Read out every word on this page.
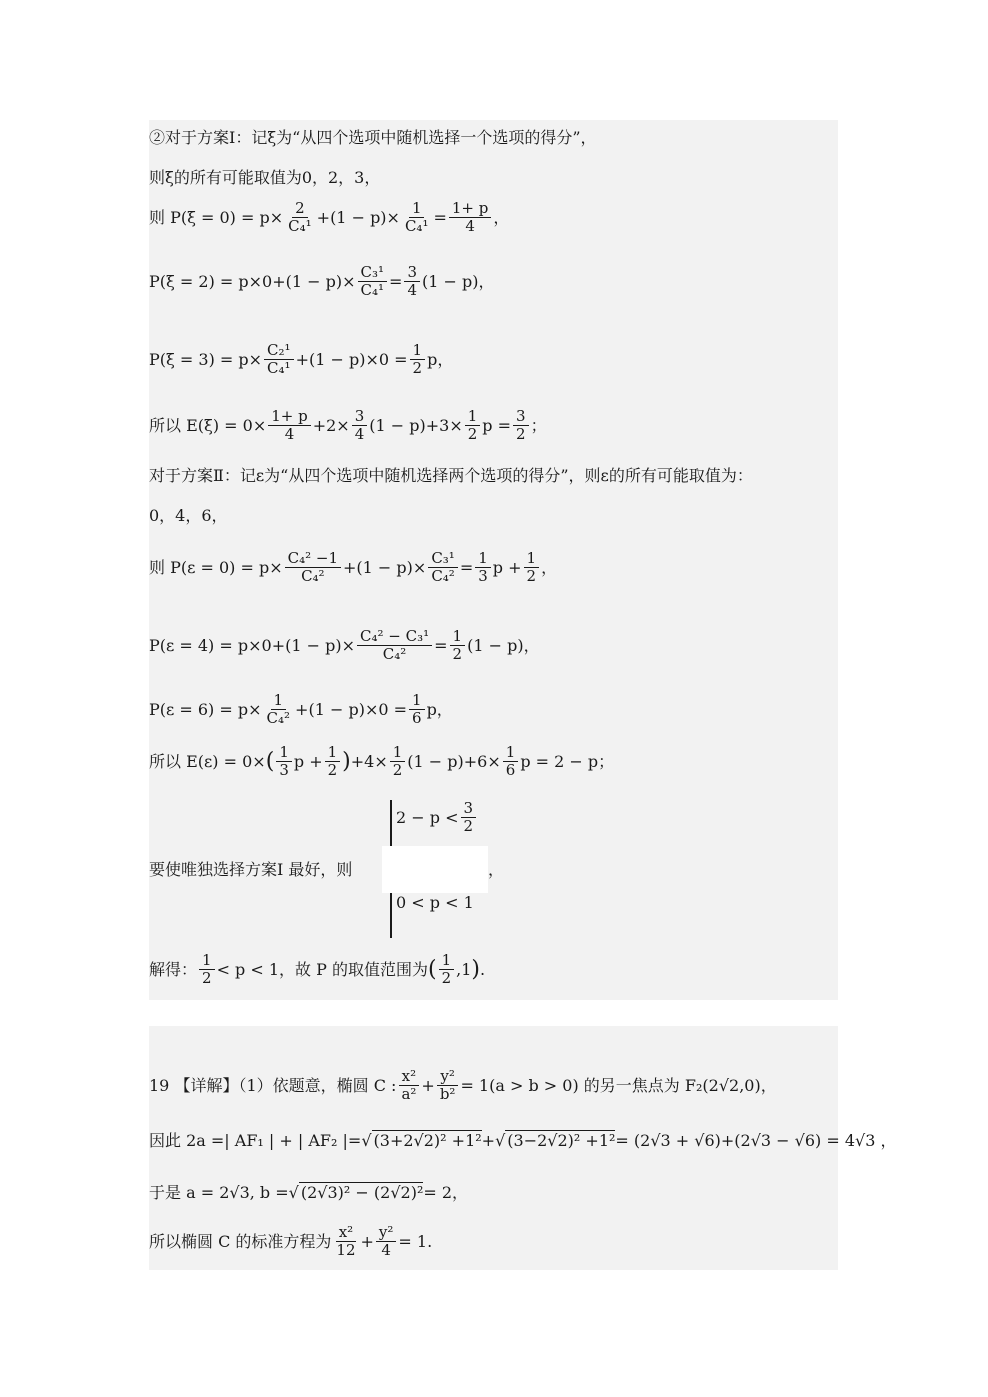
②对于方案Ⅰ：记ξ为“从四个选项中随机选择一个选项的得分”，
则ξ的所有可能取值为0，2，3，
则 $P(\xi = 0) = p\times \frac{2}{\text{C₄¹}} +(1 - p)\times \frac{1}{\text{C₄¹}} = \frac{1+ p}{4}$ ，
$P(\xi = 2) = p\times 0+(1 - p)\times \frac{\text{C₃¹}}{\text{C₄¹}} = \frac{3}{4} (1 - p)$，
$P(\xi = 3) = p\times \frac{\text{C₂¹}}{\text{C₄¹}} +(1 - p)\times 0 = \frac{1}{2}$ p，
所以 $E(\xi) = 0\times \frac{1+ p}{4} +2\times \frac{3}{4} (1 - p)+3\times \frac{1}{2}$ $p = \frac{3}{2}$ ；
对于方案Ⅱ：记ε为“从四个选项中随机选择两个选项的得分”，则ε的所有可能取值为：
0，4，6，
则 $P(\varepsilon = 0) = p\times \frac{\text{C₄² −1}}{\text{C₄²}} +(1 - p)\times \frac{\text{C₃¹}}{\text{C₄²}} = \frac{1}{3}$ $p + \frac{1}{2}$ ，
$P(\varepsilon = 4) = p\times 0+(1 - p)\times \frac{\text{C₄² − C₃¹}}{\text{C₄²}} = \frac{1}{2} (1 - p)$，
$P(\varepsilon = 6) = p\times \frac{1}{\text{C₄²}} +(1 - p)\times 0 = \frac{1}{6}$ p，
所以 E(ε) = 0× ( $\frac{1}{3}$ $p + \frac{1}{2}$ ) $+4\times \frac{1}{2} (1 - p)+6\times \frac{1}{6}$ p = 2 − p；
要使唯独选择方案Ⅰ 最好，则
$2 - p < \frac{3}{2}$
0 < p < 1
，
解得： $\frac{1}{2} < p < 1$，故 P 的取值范围为 ( $\frac{1}{2} ,1$ ) .
19 【详解】（1）依题意，椭圆 C : $\frac{\text{x²}}{\text{a²}} + \frac{\text{y²}}{\text{b²}} = 1(a > b > 0)$ 的另一焦点为 F₂(2√2,0)，
因此 2a =| AF₁ | + | AF₂ |= √ (3+2√2)² +1² + √ (3−2√2)² +1² = (2√3 + √6)+(2√3 − √6) = 4√3 ，
于是 a = 2√3, b = √ (2√3)² − (2√2)² = 2，
所以椭圆 C 的标准方程为 $\frac{\text{x²}}{12} + \frac{\text{y²}}{4} = 1$.
